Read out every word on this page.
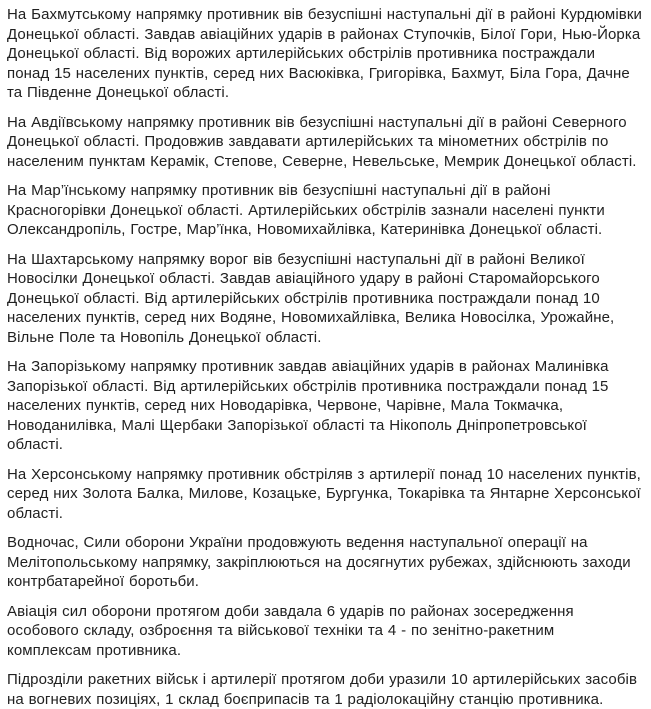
На Бахмутському напрямку противник вів безуспішні наступальні дії в районі Курдюмівки Донецької області. Завдав авіаційних ударів в районах Ступочків, Білої Гори, Нью-Йорка Донецької області. Від ворожих артилерійських обстрілів противника постраждали понад 15 населених пунктів, серед них Васюківка, Григорівка, Бахмут, Біла Гора, Дачне та Південне Донецької області.

На Авдіївському напрямку противник вів безуспішні наступальні дії в районі Северного Донецької області. Продовжив завдавати артилерійських та мінометних обстрілів по населеним пунктам Керамік, Степове, Северне, Невельське, Мемрик Донецької області.

На Мар’їнському напрямку противник вів безуспішні наступальні дії в районі Красногорівки Донецької області. Артилерійських обстрілів зазнали населені пункти Олександропіль, Гостре, Мар’їнка, Новомихайлівка, Катеринівка Донецької області.

На Шахтарському напрямку ворог вів безуспішні наступальні дії в районі Великої Новосілки Донецької області. Завдав авіаційного удару в районі Старомайорського Донецької області. Від артилерійських обстрілів противника постраждали понад 10 населених пунктів, серед них Водяне, Новомихайлівка, Велика Новосілка, Урожайне, Вільне Поле та Новопіль Донецької області.

На Запорізькому напрямку противник завдав авіаційних ударів в районах Малинівка Запорізької області. Від артилерійських обстрілів противника постраждали понад 15 населених пунктів, серед них Новодарівка, Червоне, Чарівне, Мала Токмачка, Новоданилівка, Малі Щербаки Запорізької області та Нікополь Дніпропетровської області.

На Херсонському напрямку противник обстріляв з артилерії понад 10 населених пунктів, серед них Золота Балка, Милове, Козацьке, Бургунка, Токарівка та Янтарне Херсонської області.

Водночас, Сили оборони України продовжують ведення наступальної операції на Мелітопольському напрямку, закріплюються на досягнутих рубежах, здійснюють заходи контрбатарейної боротьби.

Авіація сил оборони протягом доби завдала 6 ударів по районах зосередження особового складу, озброєння та військової техніки та 4 - по зенітно-ракетним комплексам противника.

Підрозділи ракетних військ і артилерії протягом доби уразили 10 артилерійських засобів на вогневих позиціях, 1 склад боєприпасів та 1 радіолокаційну станцію противника.
